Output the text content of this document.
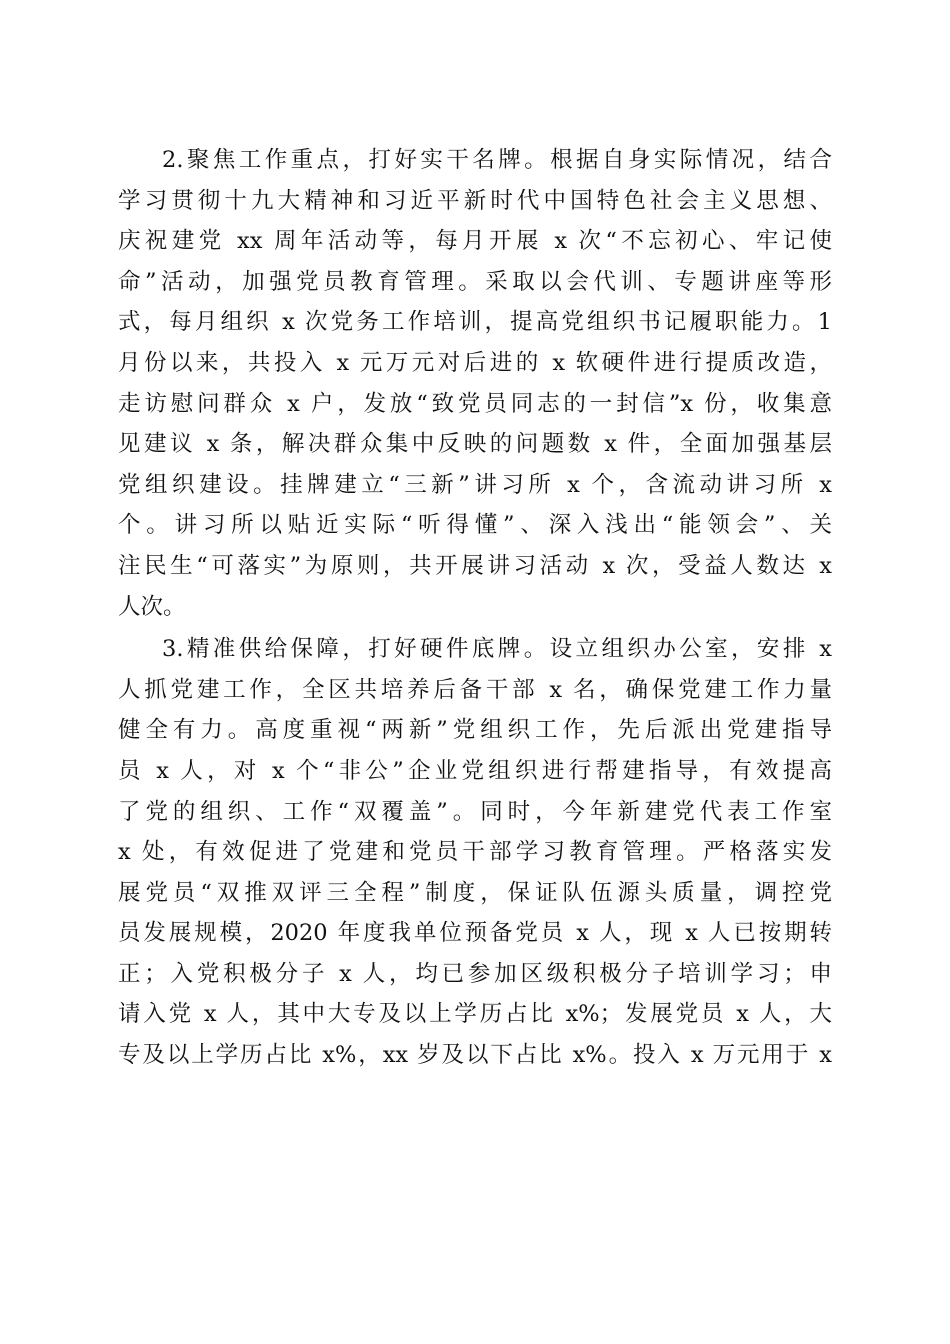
2.聚焦工作重点，打好实干名牌。根据自身实际情况，结合
学习贯彻十九大精神和习近平新时代中国特色社会主义思想、
庆祝建党 xx 周年活动等，每月开展 x 次“不忘初心、牢记使
命”活动，加强党员教育管理。采取以会代训、专题讲座等形
式，每月组织 x 次党务工作培训，提高党组织书记履职能力。1
月份以来，共投入 x 元万元对后进的 x 软硬件进行提质改造，
走访慰问群众 x 户，发放“致党员同志的一封信”x 份，收集意
见建议 x 条，解决群众集中反映的问题数 x 件，全面加强基层
党组织建设。挂牌建立“三新”讲习所 x 个，含流动讲习所 x
个。讲习所以贴近实际“听得懂”、深入浅出“能领会”、关
注民生“可落实”为原则，共开展讲习活动 x 次，受益人数达 x
人次。
3.精准供给保障，打好硬件底牌。设立组织办公室，安排 x
人抓党建工作，全区共培养后备干部 x 名，确保党建工作力量
健全有力。高度重视“两新”党组织工作，先后派出党建指导
员 x 人，对 x 个“非公”企业党组织进行帮建指导，有效提高
了党的组织、工作“双覆盖”。同时，今年新建党代表工作室
x 处，有效促进了党建和党员干部学习教育管理。严格落实发
展党员“双推双评三全程”制度，保证队伍源头质量，调控党
员发展规模，2020 年度我单位预备党员 x 人，现 x 人已按期转
正；入党积极分子 x 人，均已参加区级积极分子培训学习；申
请入党 x 人，其中大专及以上学历占比 x%；发展党员 x 人，大
专及以上学历占比 x%，xx 岁及以下占比 x%。投入 x 万元用于 x
